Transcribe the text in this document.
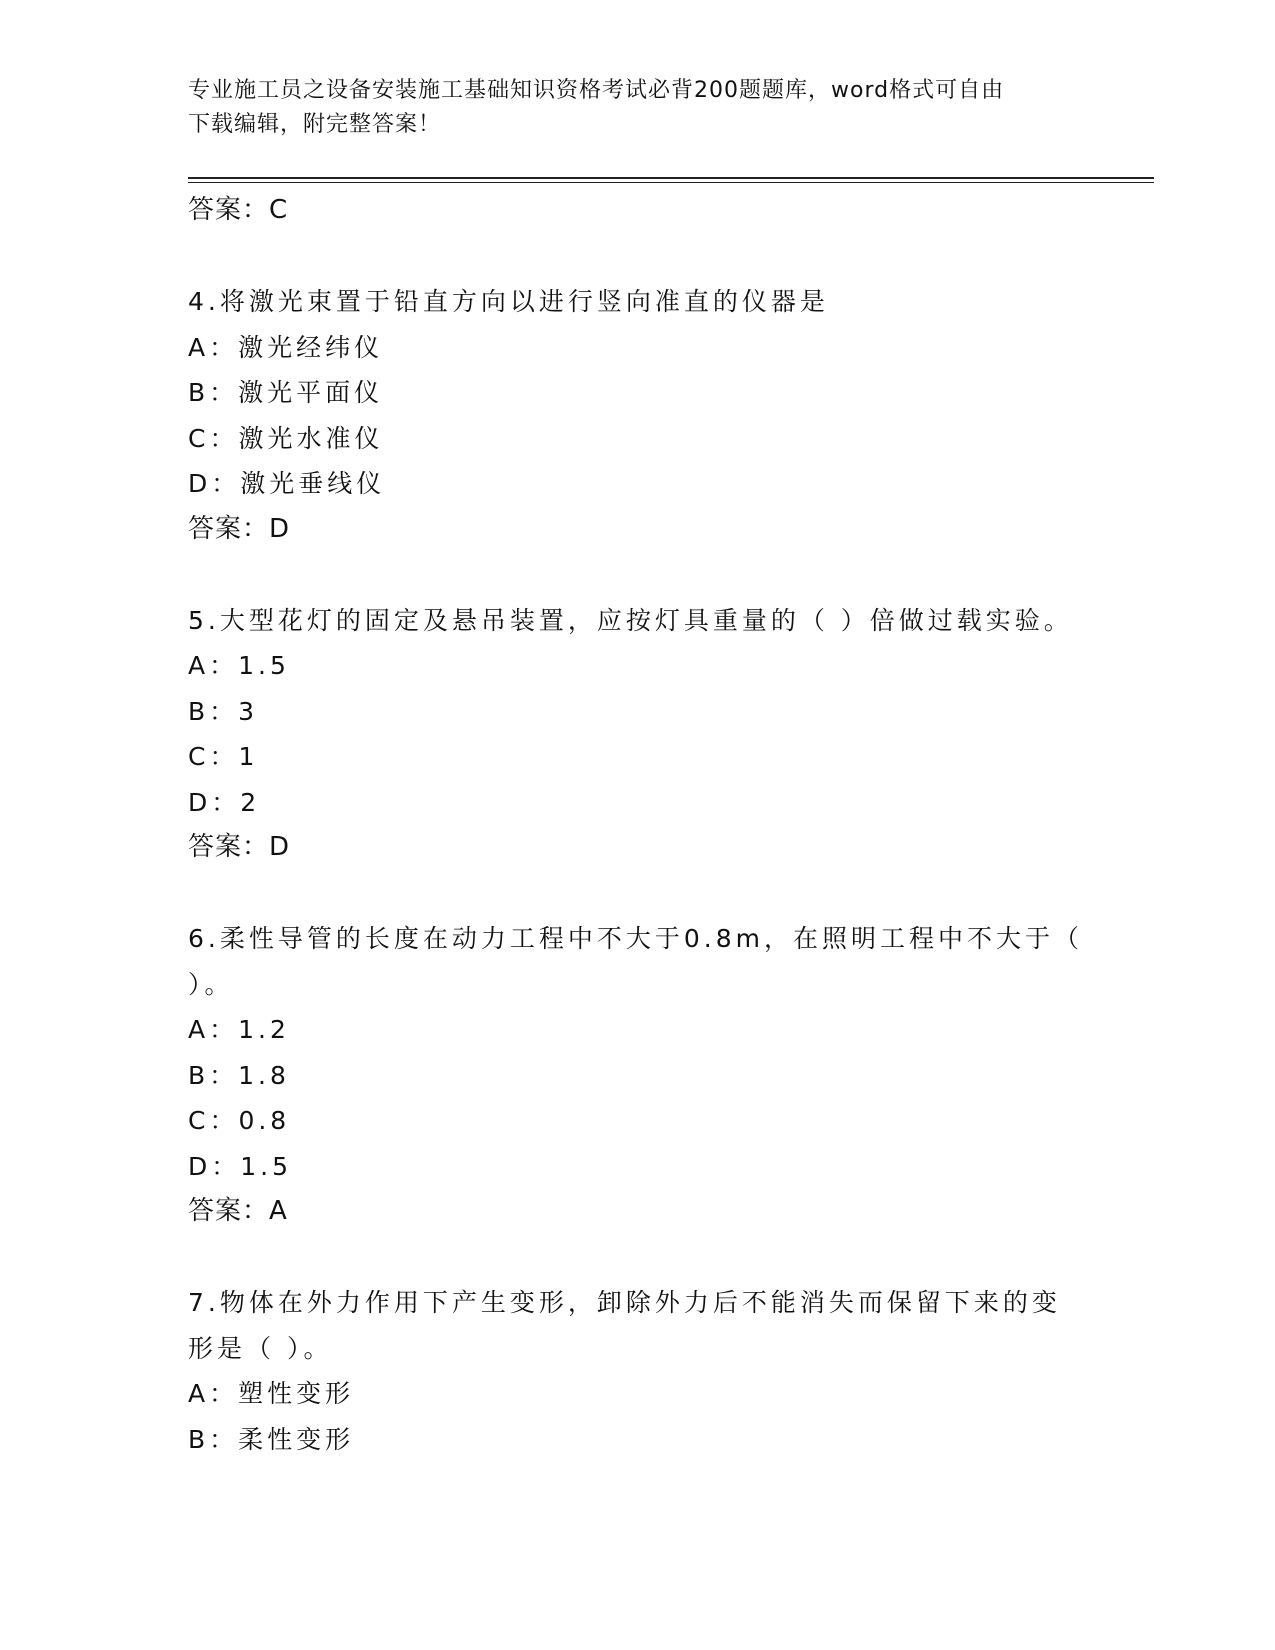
专业施工员之设备安装施工基础知识资格考试必背200题题库，word格式可自由
下载编辑，附完整答案！
答案：C
4.将激光束置于铅直方向以进行竖向准直的仪器是
A：激光经纬仪
B：激光平面仪
C：激光水准仪
D：激光垂线仪
答案：D
5.大型花灯的固定及悬吊装置，应按灯具重量的（ ）倍做过载实验。
A：1.5
B：3
C：1
D：2
答案：D
6.柔性导管的长度在动力工程中不大于0.8m，在照明工程中不大于（
）。
A：1.2
B：1.8
C：0.8
D：1.5
答案：A
7.物体在外力作用下产生变形，卸除外力后不能消失而保留下来的变
形是（ ）。
A：塑性变形
B：柔性变形
